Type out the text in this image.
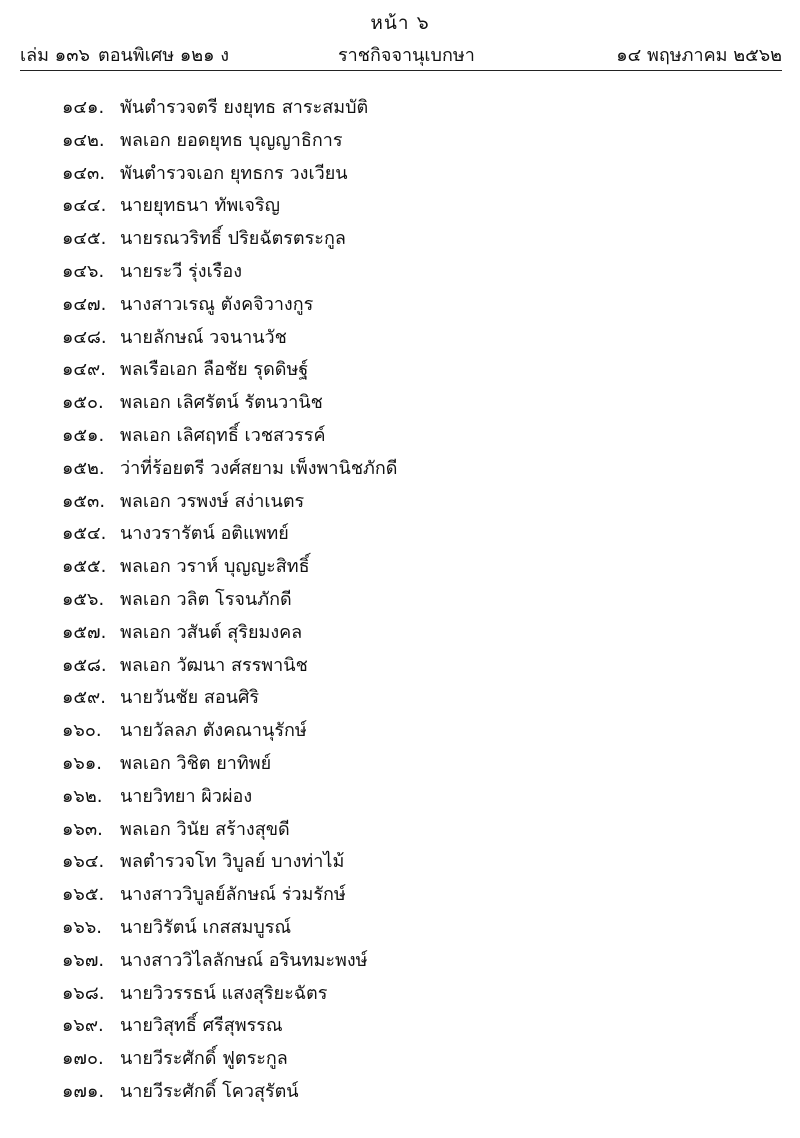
หน้า ๖
เล่ม ๑๓๖ ตอนพิเศษ ๑๒๑ ง	ราชกิจจานุเบกษา	๑๔ พฤษภาคม ๒๕๖๒
๑๔๑. พันตำรวจตรี ยงยุทธ สาระสมบัติ
๑๔๒. พลเอก ยอดยุทธ บุญญาธิการ
๑๔๓. พันตำรวจเอก ยุทธกร วงเวียน
๑๔๔. นายยุทธนา ทัพเจริญ
๑๔๕. นายรณวริทธิ์ ปริยฉัตรตระกูล
๑๔๖. นายระวี รุ่งเรือง
๑๔๗. นางสาวเรณู ตังคจิวางกูร
๑๔๘. นายลักษณ์ วจนานวัช
๑๔๙. พลเรือเอก ลือชัย รุดดิษฐ์
๑๕๐. พลเอก เลิศรัตน์ รัตนวานิช
๑๕๑. พลเอก เลิศฤทธิ์ เวชสวรรค์
๑๕๒. ว่าที่ร้อยตรี วงศ์สยาม เพ็งพานิชภักดี
๑๕๓. พลเอก วรพงษ์ สง่าเนตร
๑๕๔. นางวรารัตน์ อติแพทย์
๑๕๕. พลเอก วราห์ บุญญะสิทธิ์
๑๕๖. พลเอก วลิต โรจนภักดี
๑๕๗. พลเอก วสันต์ สุริยมงคล
๑๕๘. พลเอก วัฒนา สรรพานิช
๑๕๙. นายวันชัย สอนศิริ
๑๖๐. นายวัลลภ ตังคณานุรักษ์
๑๖๑. พลเอก วิชิต ยาทิพย์
๑๖๒. นายวิทยา ผิวผ่อง
๑๖๓. พลเอก วินัย สร้างสุขดี
๑๖๔. พลตำรวจโท วิบูลย์ บางท่าไม้
๑๖๕. นางสาววิบูลย์ลักษณ์ ร่วมรักษ์
๑๖๖. นายวิรัตน์ เกสสมบูรณ์
๑๖๗. นางสาววิไลลักษณ์ อรินทมะพงษ์
๑๖๘. นายวิวรรธน์ แสงสุริยะฉัตร
๑๖๙. นายวิสุทธิ์ ศรีสุพรรณ
๑๗๐. นายวีระศักดิ์ ฟูตระกูล
๑๗๑. นายวีระศักดิ์ โควสุรัตน์
